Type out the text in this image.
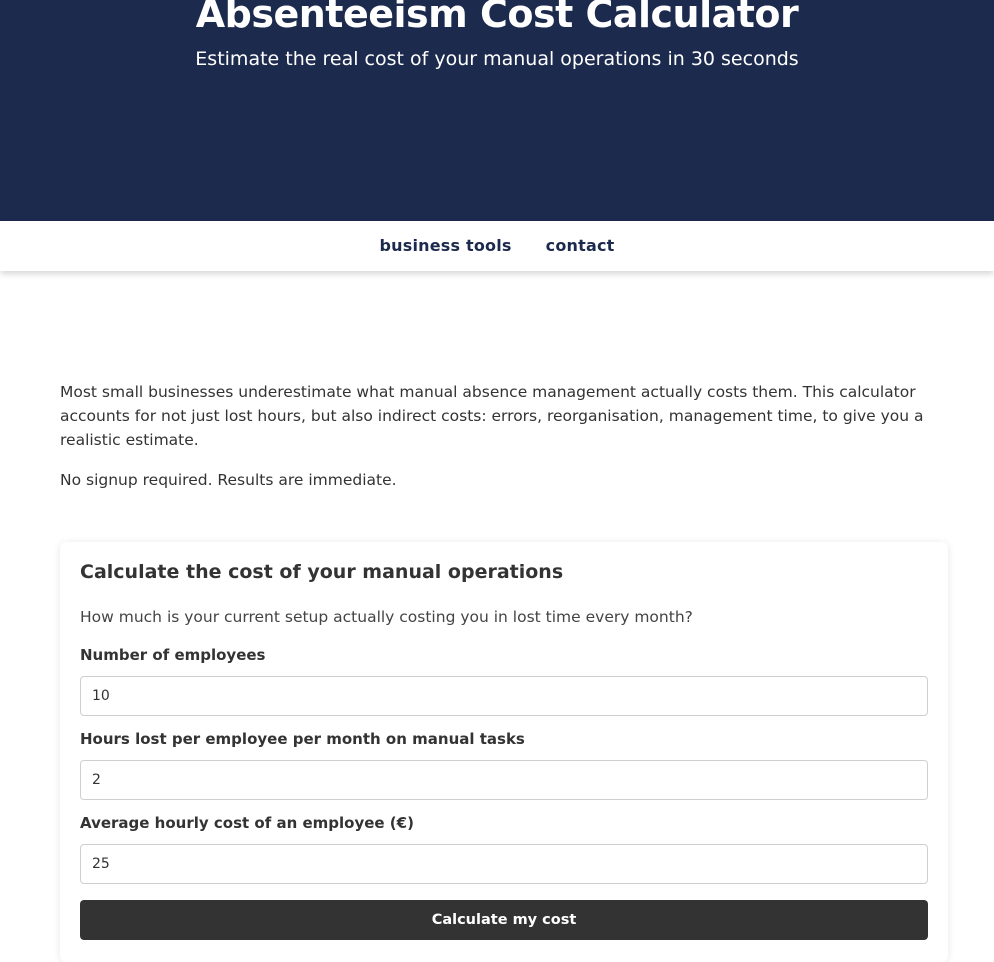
Absenteeism Cost Calculator

Estimate the real cost of your manual operations in 30 seconds

business tools contact

Most small businesses underestimate what manual absence management actually costs them. This calculator accounts for not just lost hours, but also indirect costs: errors, reorganisation, management time, to give you a realistic estimate.

No signup required. Results are immediate.

Calculate the cost of your manual operations

How much is your current setup actually costing you in lost time every month?

Number of employees
10
Hours lost per employee per month on manual tasks
2
Average hourly cost of an employee (€)
25
Calculate my cost
